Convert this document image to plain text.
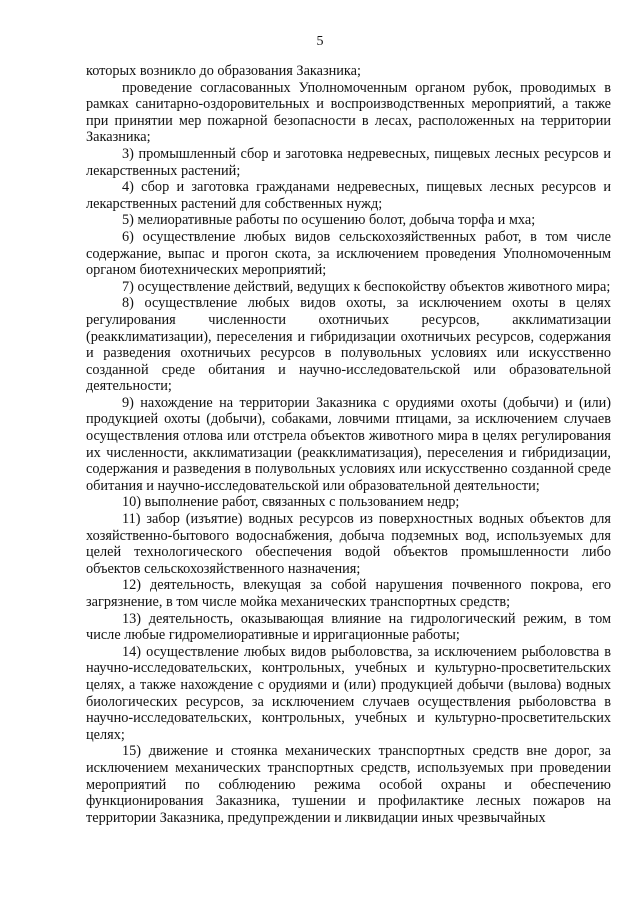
5

которых возникло до образования Заказника;

проведение согласованных Уполномоченным органом рубок, проводимых в рамках санитарно-оздоровительных и воспроизводственных мероприятий, а также при принятии мер пожарной безопасности в лесах, расположенных на территории Заказника;

3) промышленный сбор и заготовка недревесных, пищевых лесных ресурсов и лекарственных растений;

4) сбор и заготовка гражданами недревесных, пищевых лесных ресурсов и лекарственных растений для собственных нужд;

5) мелиоративные работы по осушению болот, добыча торфа и мха;

6) осуществление любых видов сельскохозяйственных работ, в том числе содержание, выпас и прогон скота, за исключением проведения Уполномоченным органом биотехнических мероприятий;

7) осуществление действий, ведущих к беспокойству объектов животного мира;

8) осуществление любых видов охоты, за исключением охоты в целях регулирования численности охотничьих ресурсов, акклиматизации (реакклиматизации), переселения и гибридизации охотничьих ресурсов, содержания и разведения охотничьих ресурсов в полувольных условиях или искусственно созданной среде обитания и научно-исследовательской или образовательной деятельности;

9) нахождение на территории Заказника с орудиями охоты (добычи) и (или) продукцией охоты (добычи), собаками, ловчими птицами, за исключением случаев осуществления отлова или отстрела объектов животного мира в целях регулирования их численности, акклиматизации (реакклиматизация), переселения и гибридизации, содержания и разведения в полувольных условиях или искусственно созданной среде обитания и научно-исследовательской или образовательной деятельности;

10) выполнение работ, связанных с пользованием недр;

11) забор (изъятие) водных ресурсов из поверхностных водных объектов для хозяйственно-бытового водоснабжения, добыча подземных вод, используемых для целей технологического обеспечения водой объектов промышленности либо объектов сельскохозяйственного назначения;

12) деятельность, влекущая за собой нарушения почвенного покрова, его загрязнение, в том числе мойка механических транспортных средств;

13) деятельность, оказывающая влияние на гидрологический режим, в том числе любые гидромелиоративные и ирригационные работы;

14) осуществление любых видов рыболовства, за исключением рыболовства в научно-исследовательских, контрольных, учебных и культурно-просветительских целях, а также нахождение с орудиями и (или) продукцией добычи (вылова) водных биологических ресурсов, за исключением случаев осуществления рыболовства в научно-исследовательских, контрольных, учебных и культурно-просветительских целях;

15) движение и стоянка механических транспортных средств вне дорог, за исключением механических транспортных средств, используемых при проведении мероприятий по соблюдению режима особой охраны и обеспечению функционирования Заказника, тушении и профилактике лесных пожаров на территории Заказника, предупреждении и ликвидации иных чрезвычайных
